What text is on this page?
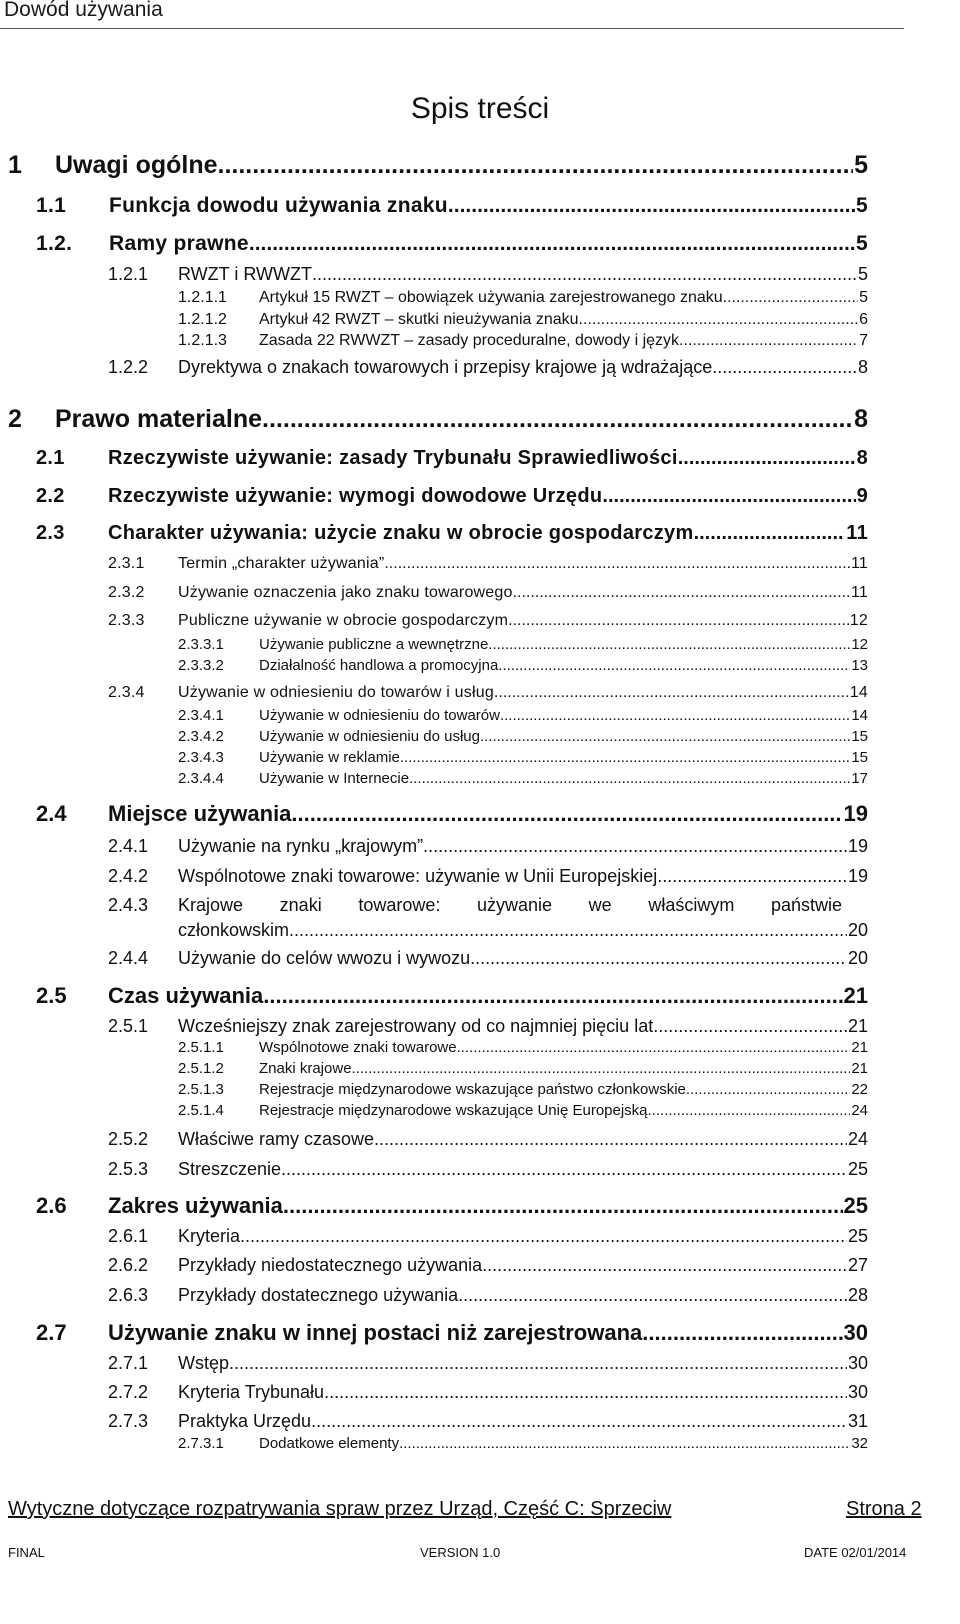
Dowód używania
Spis treści
1	Uwagi ogólne .....	5
1.1	Funkcja dowodu używania znaku .....	5
1.2.	Ramy prawne .....	5
1.2.1	RWZT i RWWZT .....	5
1.2.1.1	Artykuł 15 RWZT – obowiązek używania zarejestrowanego znaku .....	5
1.2.1.2	Artykuł 42 RWZT – skutki nieużywania znaku .....	6
1.2.1.3	Zasada 22 RWWZT – zasady proceduralne, dowody i język .....	7
1.2.2	Dyrektywa o znakach towarowych i przepisy krajowe ją wdrażające .....	8
2	Prawo materialne .....	8
2.1	Rzeczywiste używanie: zasady Trybunału Sprawiedliwości .....	8
2.2	Rzeczywiste używanie: wymogi dowodowe Urzędu .....	9
2.3	Charakter używania: użycie znaku w obrocie gospodarczym .....	11
2.3.1	Termin „charakter używania” .....	11
2.3.2	Używanie oznaczenia jako znaku towarowego .....	11
2.3.3	Publiczne używanie w obrocie gospodarczym .....	12
2.3.3.1	Używanie publiczne a wewnętrzne .....	12
2.3.3.2	Działalność handlowa a promocyjna .....	13
2.3.4	Używanie w odniesieniu do towarów i usług .....	14
2.3.4.1	Używanie w odniesieniu do towarów .....	14
2.3.4.2	Używanie w odniesieniu do usług .....	15
2.3.4.3	Używanie w reklamie .....	15
2.3.4.4	Używanie w Internecie .....	17
2.4	Miejsce używania .....	19
2.4.1	Używanie na rynku „krajowym” .....	19
2.4.2	Wspólnotowe znaki towarowe: używanie w Unii Europejskiej .....	19
2.4.3	Krajowe znaki towarowe: używanie we właściwym państwie
członkowskim .....	20
2.4.4	Używanie do celów wwozu i wywozu .....	20
2.5	Czas używania .....	21
2.5.1	Wcześniejszy znak zarejestrowany od co najmniej pięciu lat .....	21
2.5.1.1	Wspólnotowe znaki towarowe .....	21
2.5.1.2	Znaki krajowe .....	21
2.5.1.3	Rejestracje międzynarodowe wskazujące państwo członkowskie .....	22
2.5.1.4	Rejestracje międzynarodowe wskazujące Unię Europejską .....	24
2.5.2	Właściwe ramy czasowe .....	24
2.5.3	Streszczenie .....	25
2.6	Zakres używania .....	25
2.6.1	Kryteria .....	25
2.6.2	Przykłady niedostatecznego używania .....	27
2.6.3	Przykłady dostatecznego używania .....	28
2.7	Używanie znaku w innej postaci niż zarejestrowana .....	30
2.7.1	Wstęp .....	30
2.7.2	Kryteria Trybunału .....	30
2.7.3	Praktyka Urzędu .....	31
2.7.3.1	Dodatkowe elementy .....	32
Wytyczne dotyczące rozpatrywania spraw przez Urząd, Część C: Sprzeciw	Strona 2
FINAL	VERSION 1.0	DATE 02/01/2014
